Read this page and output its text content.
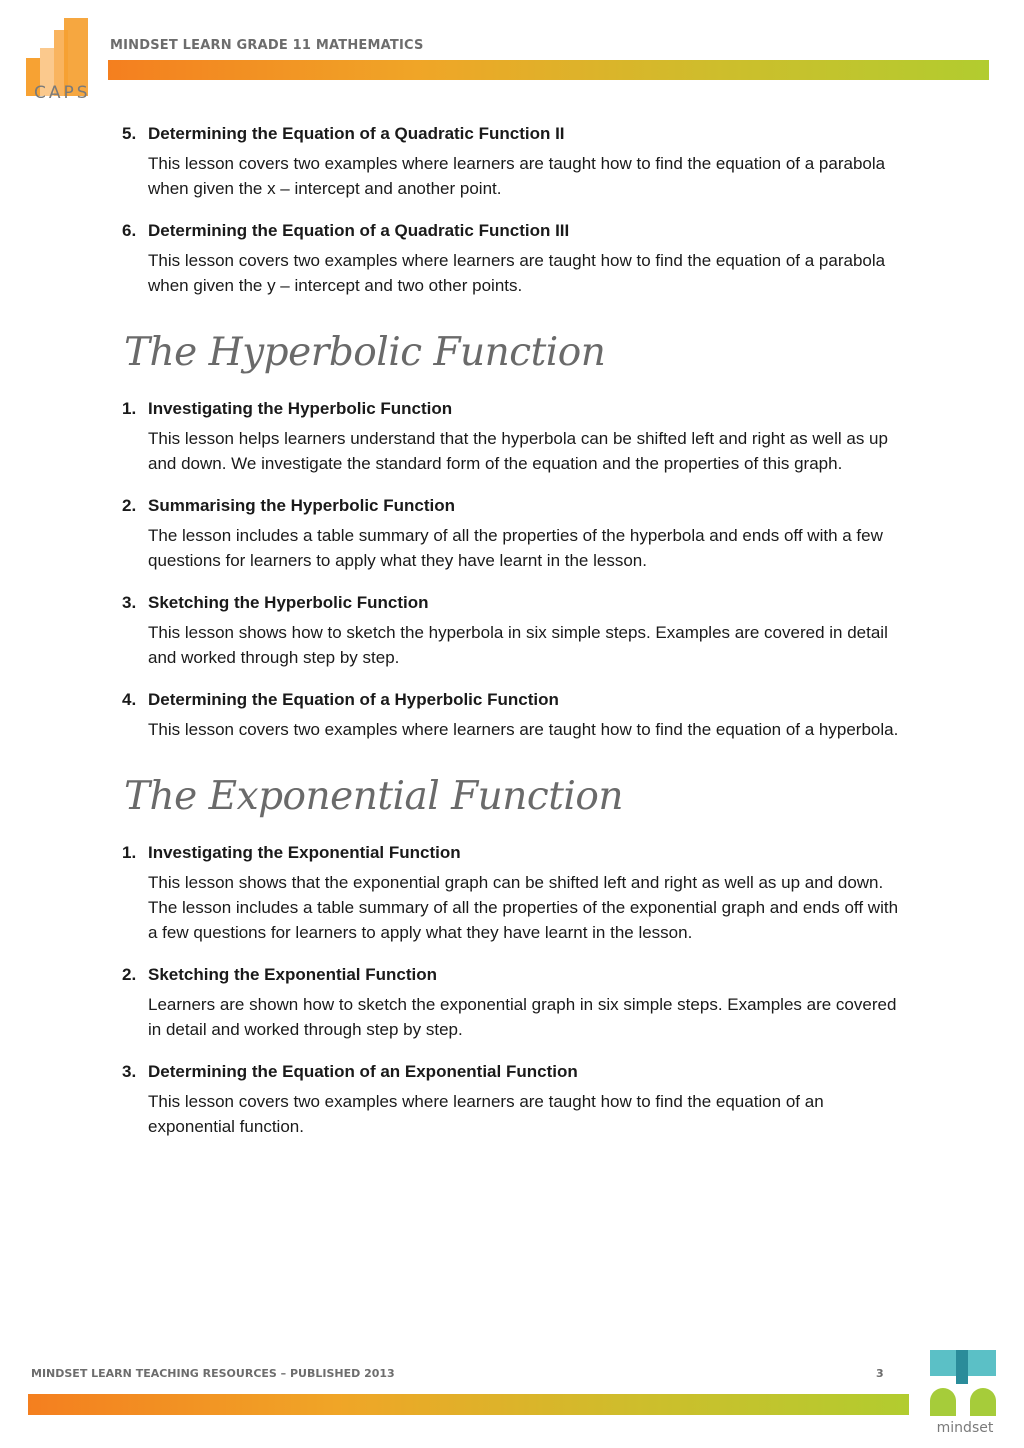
CAPS
MINDSET LEARN GRADE 11 MATHEMATICS
5. Determining the Equation of a Quadratic Function II
This lesson covers two examples where learners are taught how to find the equation of a parabola when given the x – intercept and another point.
6. Determining the Equation of a Quadratic Function III
This lesson covers two examples where learners are taught how to find the equation of a parabola when given the y – intercept and two other points.
The Hyperbolic Function
1. Investigating the Hyperbolic Function
This lesson helps learners understand that the hyperbola can be shifted left and right as well as up and down. We investigate the standard form of the equation and the properties of this graph.
2. Summarising the Hyperbolic Function
The lesson includes a table summary of all the properties of the hyperbola and ends off with a few questions for learners to apply what they have learnt in the lesson.
3. Sketching the Hyperbolic Function
This lesson shows how to sketch the hyperbola in six simple steps. Examples are covered in detail and worked through step by step.
4. Determining the Equation of a Hyperbolic Function
This lesson covers two examples where learners are taught how to find the equation of a hyperbola.
The Exponential Function
1. Investigating the Exponential Function
This lesson shows that the exponential graph can be shifted left and right as well as up and down. The lesson includes a table summary of all the properties of the exponential graph and ends off with a few questions for learners to apply what they have learnt in the lesson.
2. Sketching the Exponential Function
Learners are shown how to sketch the exponential graph in six simple steps. Examples are covered in detail and worked through step by step.
3. Determining the Equation of an Exponential Function
This lesson covers two examples where learners are taught how to find the equation of an exponential function.
MINDSET LEARN TEACHING RESOURCES – PUBLISHED 2013	3
mindset
